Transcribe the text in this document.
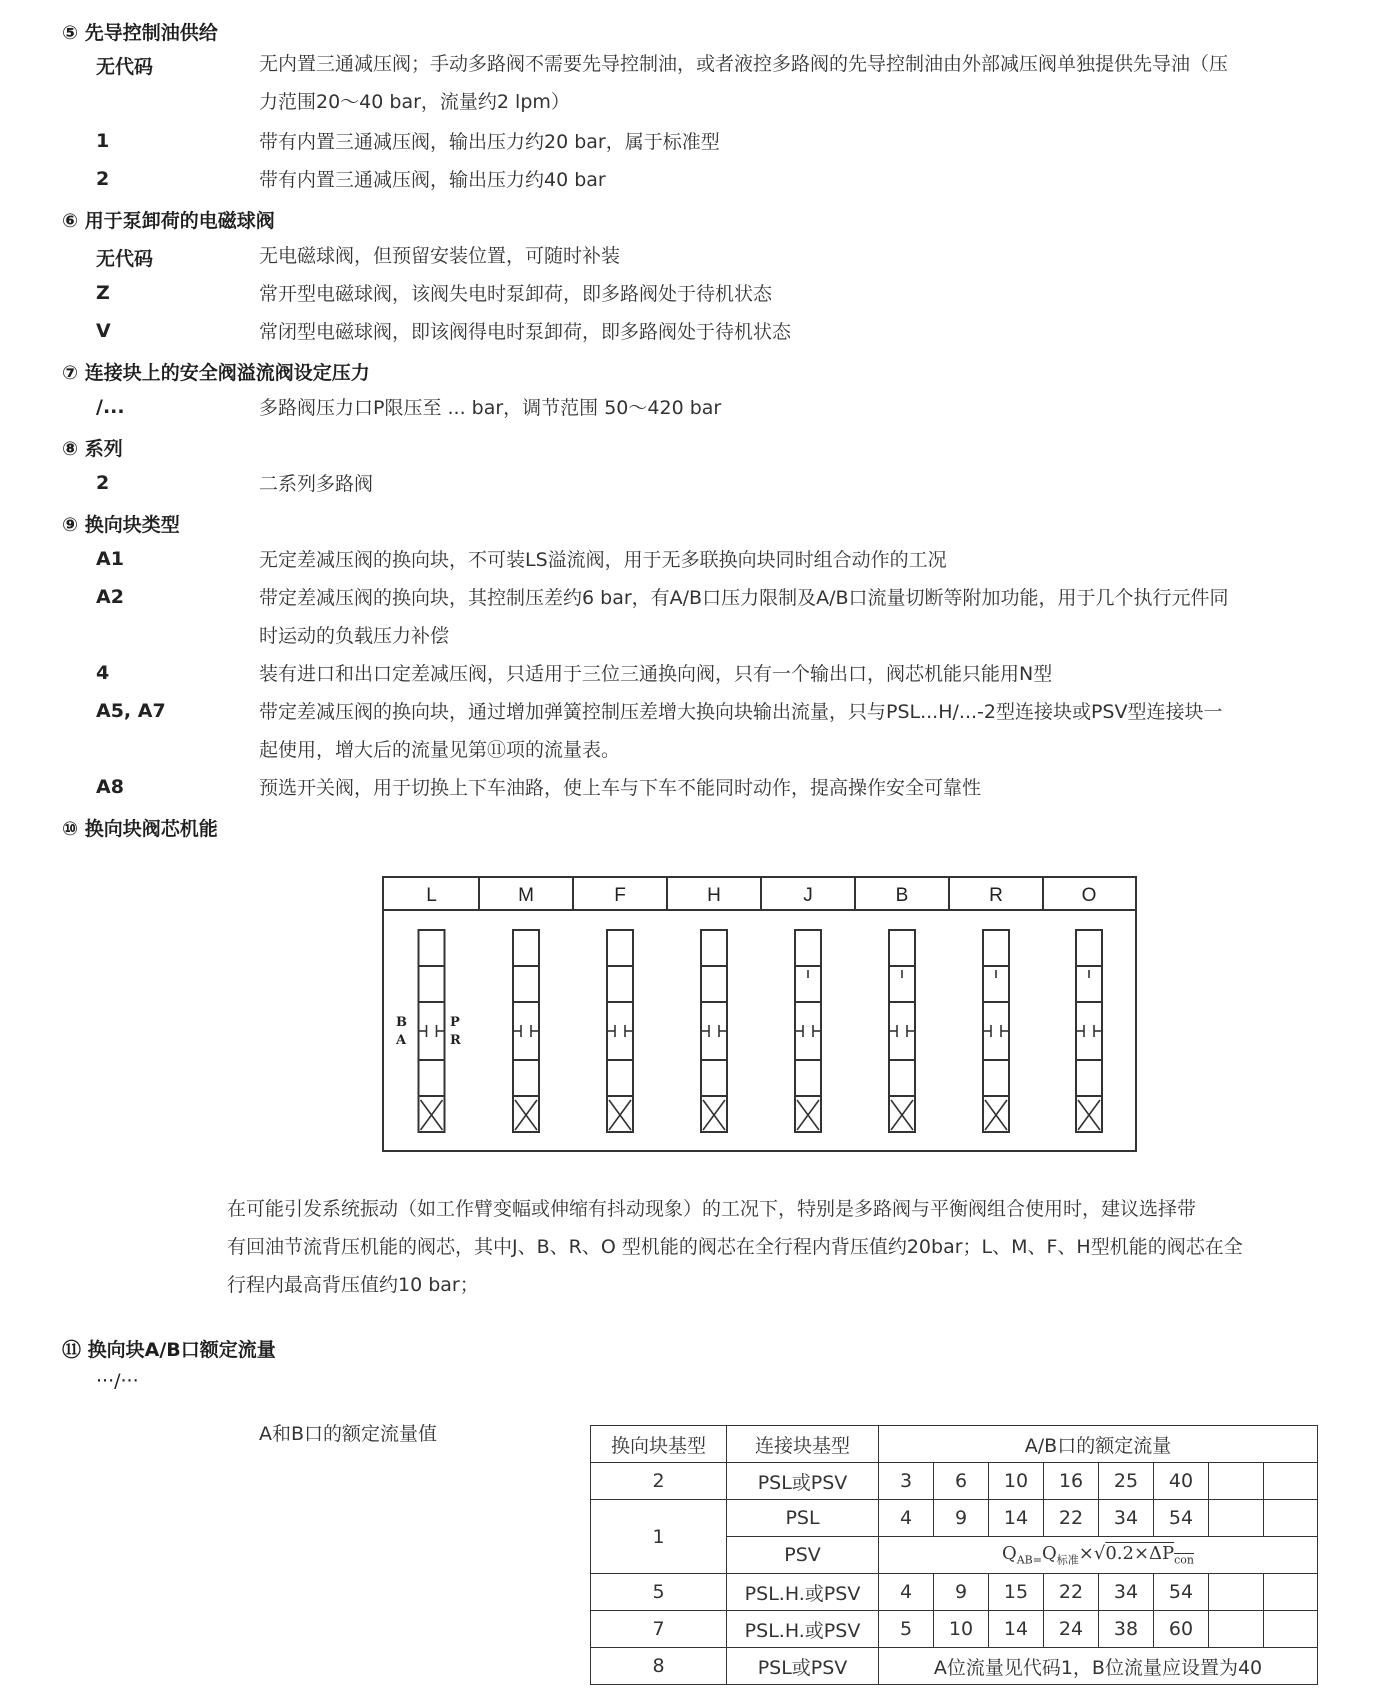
⑤ 先导控制油供给
无代码	无内置三通减压阀；手动多路阀不需要先导控制油，或者液控多路阀的先导控制油由外部减压阀单独提供先导油（压
力范围20～40 bar，流量约2 lpm）
1	带有内置三通减压阀，输出压力约20 bar，属于标准型
2	带有内置三通减压阀，输出压力约40 bar
⑥ 用于泵卸荷的电磁球阀
无代码	无电磁球阀，但预留安装位置，可随时补装
Z	常开型电磁球阀，该阀失电时泵卸荷，即多路阀处于待机状态
V	常闭型电磁球阀，即该阀得电时泵卸荷，即多路阀处于待机状态
⑦ 连接块上的安全阀溢流阀设定压力
/...	多路阀压力口P限压至 ... bar，调节范围 50～420 bar
⑧ 系列
2	二系列多路阀
⑨ 换向块类型
A1	无定差减压阀的换向块，不可装LS溢流阀，用于无多联换向块同时组合动作的工况
A2	带定差减压阀的换向块，其控制压差约6 bar，有A/B口压力限制及A/B口流量切断等附加功能，用于几个执行元件同
时运动的负载压力补偿
4	装有进口和出口定差减压阀，只适用于三位三通换向阀，只有一个输出口，阀芯机能只能用N型
A5, A7	带定差减压阀的换向块，通过增加弹簧控制压差增大换向块输出流量，只与PSL...H/...-2型连接块或PSV型连接块一
起使用，增大后的流量见第⑪项的流量表。
A8	预选开关阀，用于切换上下车油路，使上车与下车不能同时动作，提高操作安全可靠性
⑩ 换向块阀芯机能
L	M	F	H	J	B	R	O
B
A
P
R

在可能引发系统振动（如工作臂变幅或伸缩有抖动现象）的工况下，特别是多路阀与平衡阀组合使用时，建议选择带

有回油节流背压机能的阀芯，其中J、B、R、O 型机能的阀芯在全行程内背压值约20bar；L、M、F、H型机能的阀芯在全

行程内最高背压值约10 bar；

⑪ 换向块A/B口额定流量
···/···
A和B口的额定流量值
换向块基型	连接块基型	A/B口的额定流量							
2	PSL或PSV	3	6	10	16	25	40		
1	PSL	4	9	14	22	34	54		
	PSV	$Q_{AB=}Q_{标准}\times√0.2\times\Delta P_{con}$
5	PSL.H.或PSV	4	9	15	22	34	54		
7	PSL.H.或PSV	5	10	14	24	38	60		
8	PSL或PSV	A位流量见代码1，B位流量应设置为40							
